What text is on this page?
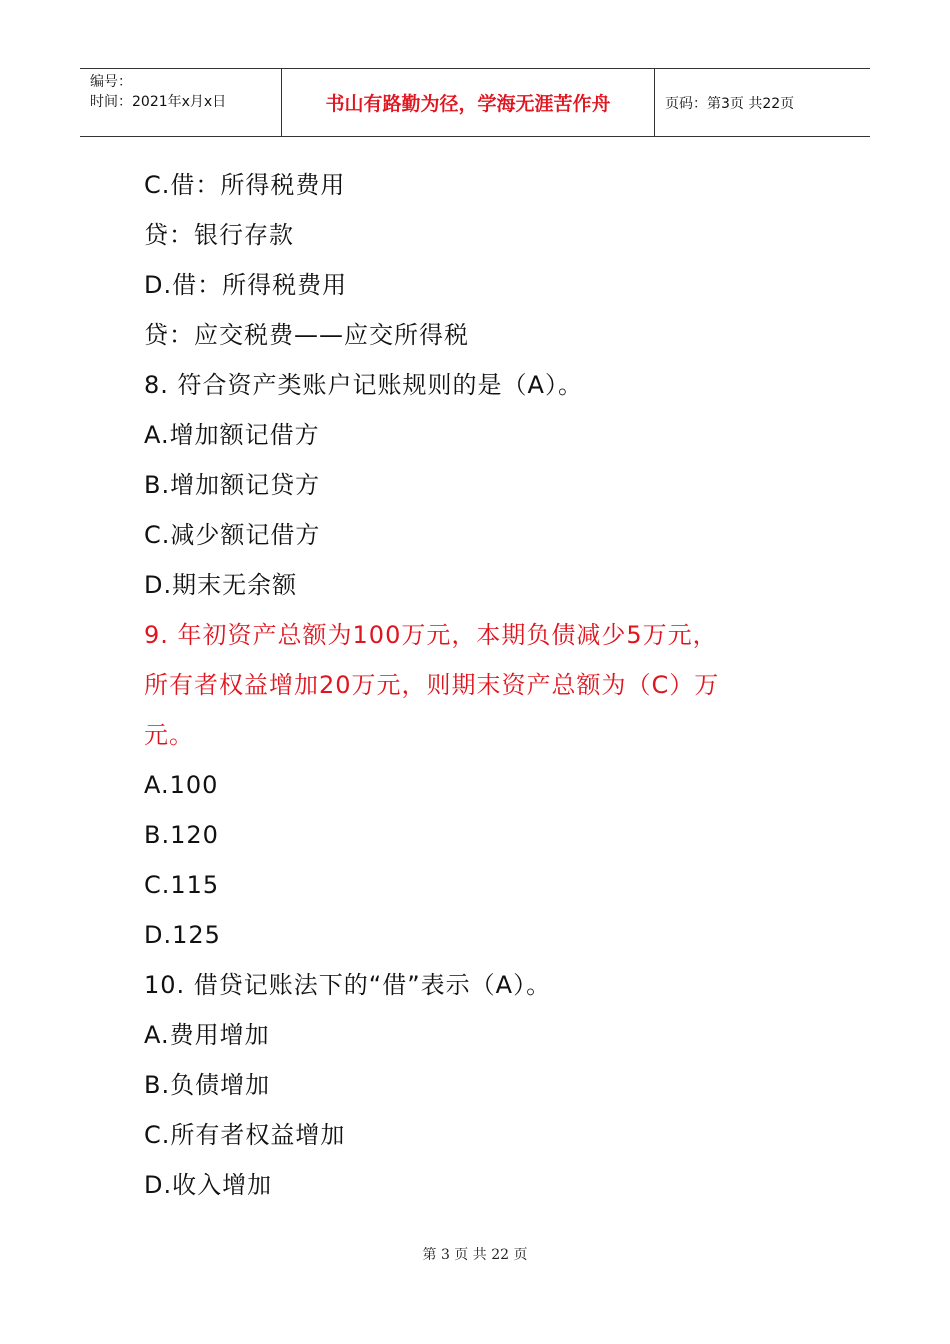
编号：
时间：2021年x月x日	书山有路勤为径，学海无涯苦作舟	页码：第3页 共22页
C.借：所得税费用
贷：银行存款
D.借：所得税费用
贷：应交税费——应交所得税
8. 符合资产类账户记账规则的是（A）。
A.增加额记借方
B.增加额记贷方
C.减少额记借方
D.期末无余额
9. 年初资产总额为100万元，本期负债减少5万元，
所有者权益增加20万元，则期末资产总额为（C）万
元。
A.100
B.120
C.115
D.125
10. 借贷记账法下的“借”表示（A）。
A.费用增加
B.负债增加
C.所有者权益增加
D.收入增加
第 3 页 共 22 页
